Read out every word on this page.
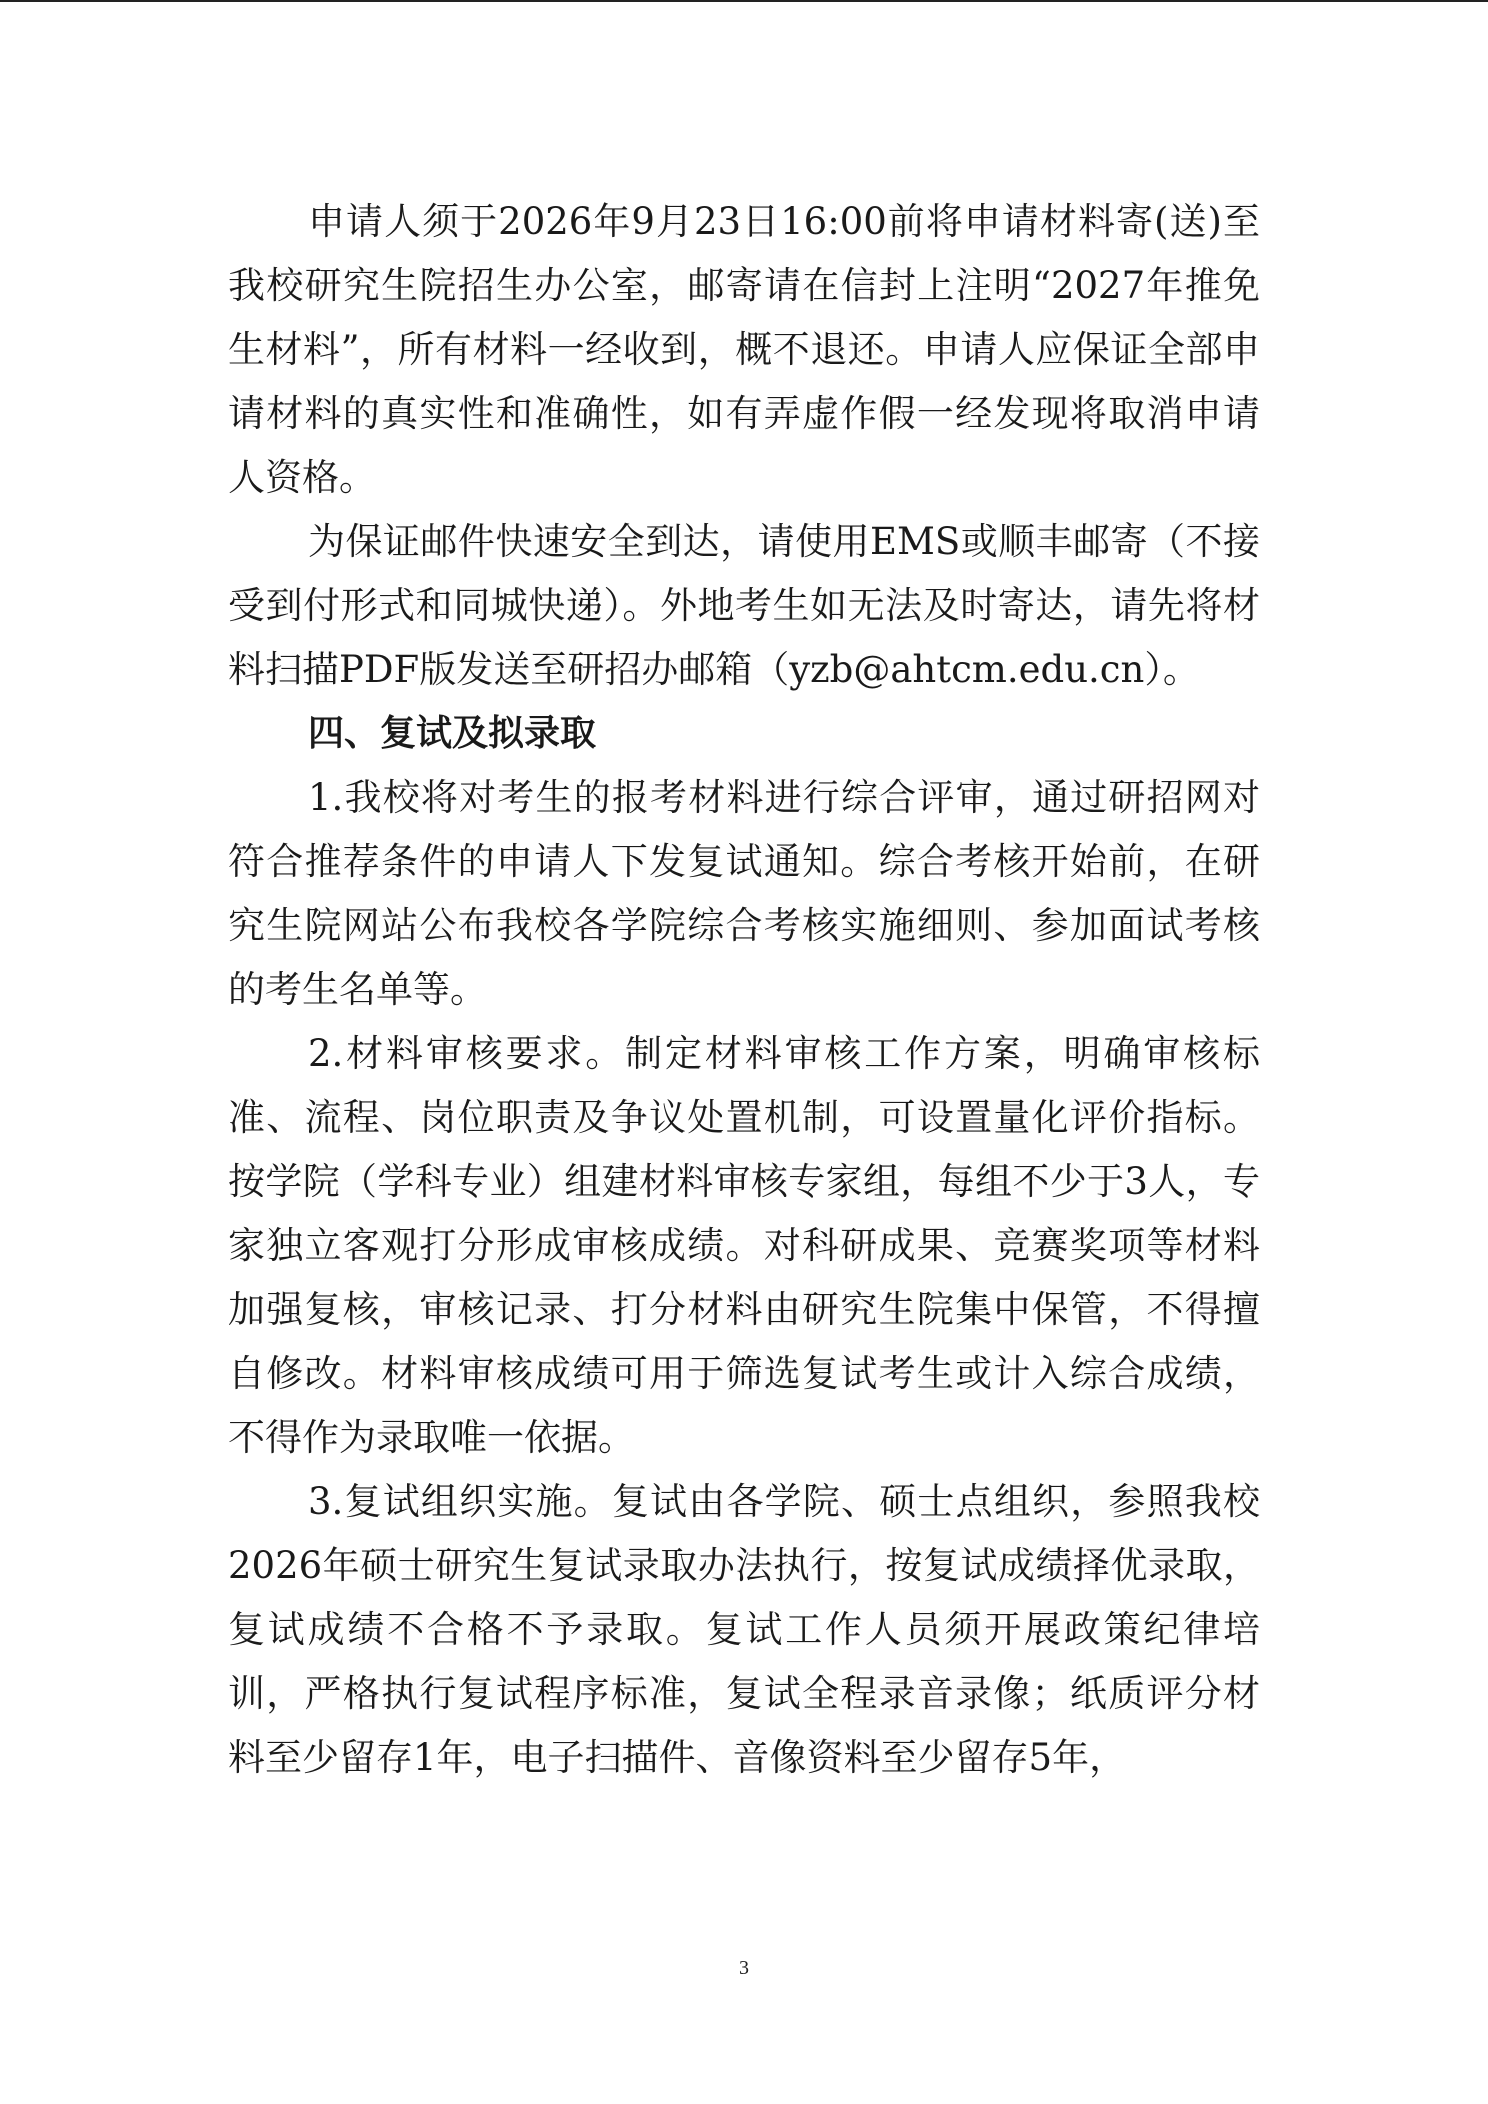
申请人须于2026年9月23日16:00前将申请材料寄(送)至我校研究生院招生办公室，邮寄请在信封上注明“2027年推免生材料”，所有材料一经收到，概不退还。申请人应保证全部申请材料的真实性和准确性，如有弄虚作假一经发现将取消申请人资格。

为保证邮件快速安全到达，请使用EMS或顺丰邮寄（不接受到付形式和同城快递）。外地考生如无法及时寄达，请先将材料扫描PDF版发送至研招办邮箱（yzb@ahtcm.edu.cn）。

四、复试及拟录取

1.我校将对考生的报考材料进行综合评审，通过研招网对符合推荐条件的申请人下发复试通知。综合考核开始前，在研究生院网站公布我校各学院综合考核实施细则、参加面试考核的考生名单等。

2.材料审核要求。制定材料审核工作方案，明确审核标准、流程、岗位职责及争议处置机制，可设置量化评价指标。按学院（学科专业）组建材料审核专家组，每组不少于3人，专家独立客观打分形成审核成绩。对科研成果、竞赛奖项等材料加强复核，审核记录、打分材料由研究生院集中保管，不得擅自修改。材料审核成绩可用于筛选复试考生或计入综合成绩，不得作为录取唯一依据。

3.复试组织实施。复试由各学院、硕士点组织，参照我校2026年硕士研究生复试录取办法执行，按复试成绩择优录取，复试成绩不合格不予录取。复试工作人员须开展政策纪律培训，严格执行复试程序标准，复试全程录音录像；纸质评分材料至少留存1年，电子扫描件、音像资料至少留存5年，

3
